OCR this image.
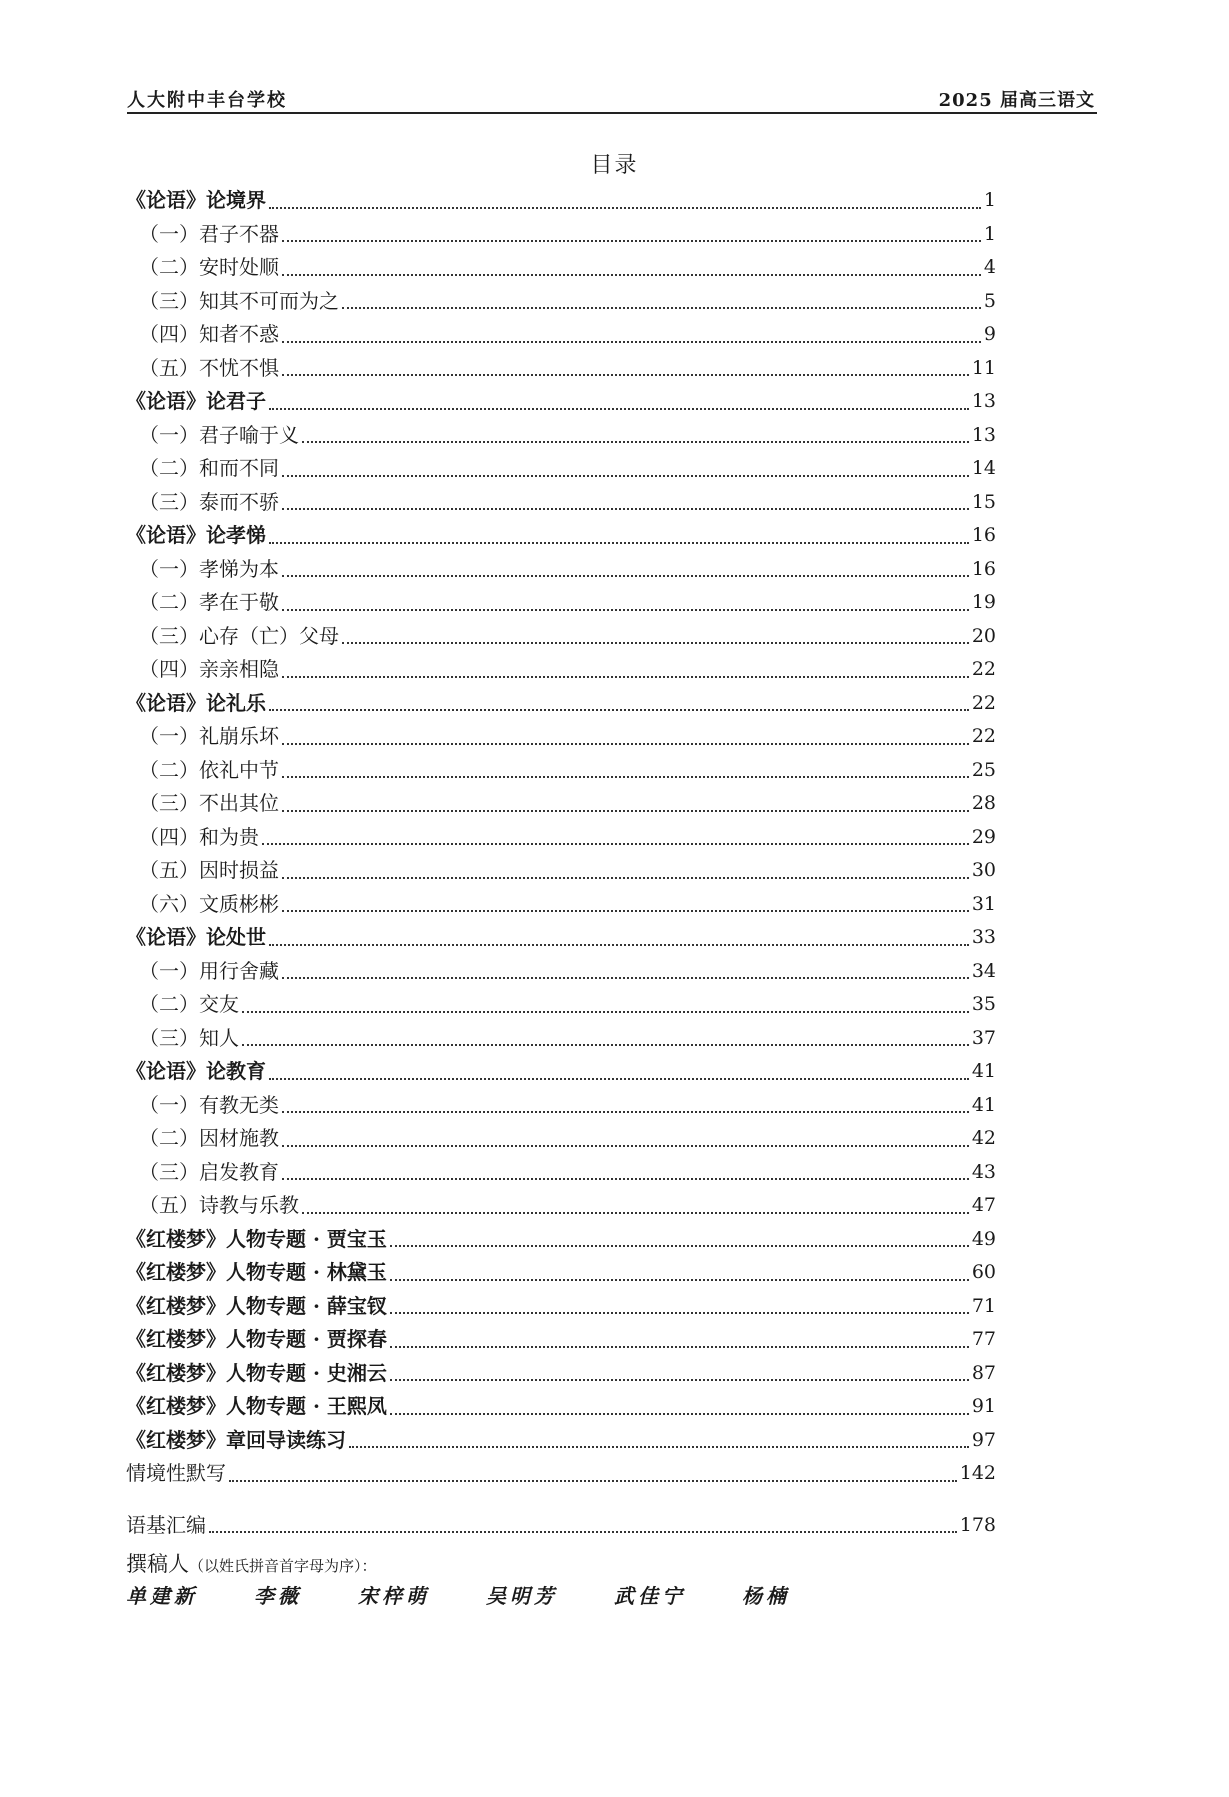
人大附中丰台学校	2025 届高三语文
目录
《论语》论境界	1
（一）君子不器	1
（二）安时处顺	4
（三）知其不可而为之	5
（四）知者不惑	9
（五）不忧不惧	11
《论语》论君子	13
（一）君子喻于义	13
（二）和而不同	14
（三）泰而不骄	15
《论语》论孝悌	16
（一）孝悌为本	16
（二）孝在于敬	19
（三）心存（亡）父母	20
（四）亲亲相隐	22
《论语》论礼乐	22
（一）礼崩乐坏	22
（二）依礼中节	25
（三）不出其位	28
（四）和为贵	29
（五）因时损益	30
（六）文质彬彬	31
《论语》论处世	33
（一）用行舍藏	34
（二）交友	35
（三）知人	37
《论语》论教育	41
（一）有教无类	41
（二）因材施教	42
（三）启发教育	43
（五）诗教与乐教	47
《红楼梦》人物专题 · 贾宝玉	49
《红楼梦》人物专题 · 林黛玉	60
《红楼梦》人物专题 · 薛宝钗	71
《红楼梦》人物专题 · 贾探春	77
《红楼梦》人物专题 · 史湘云	87
《红楼梦》人物专题 · 王熙凤	91
《红楼梦》章回导读练习	97
情境性默写	142
语基汇编	178
撰稿人（以姓氏拼音首字母为序）：
单建新	李薇	宋梓萌	吴明芳	武佳宁	杨楠
